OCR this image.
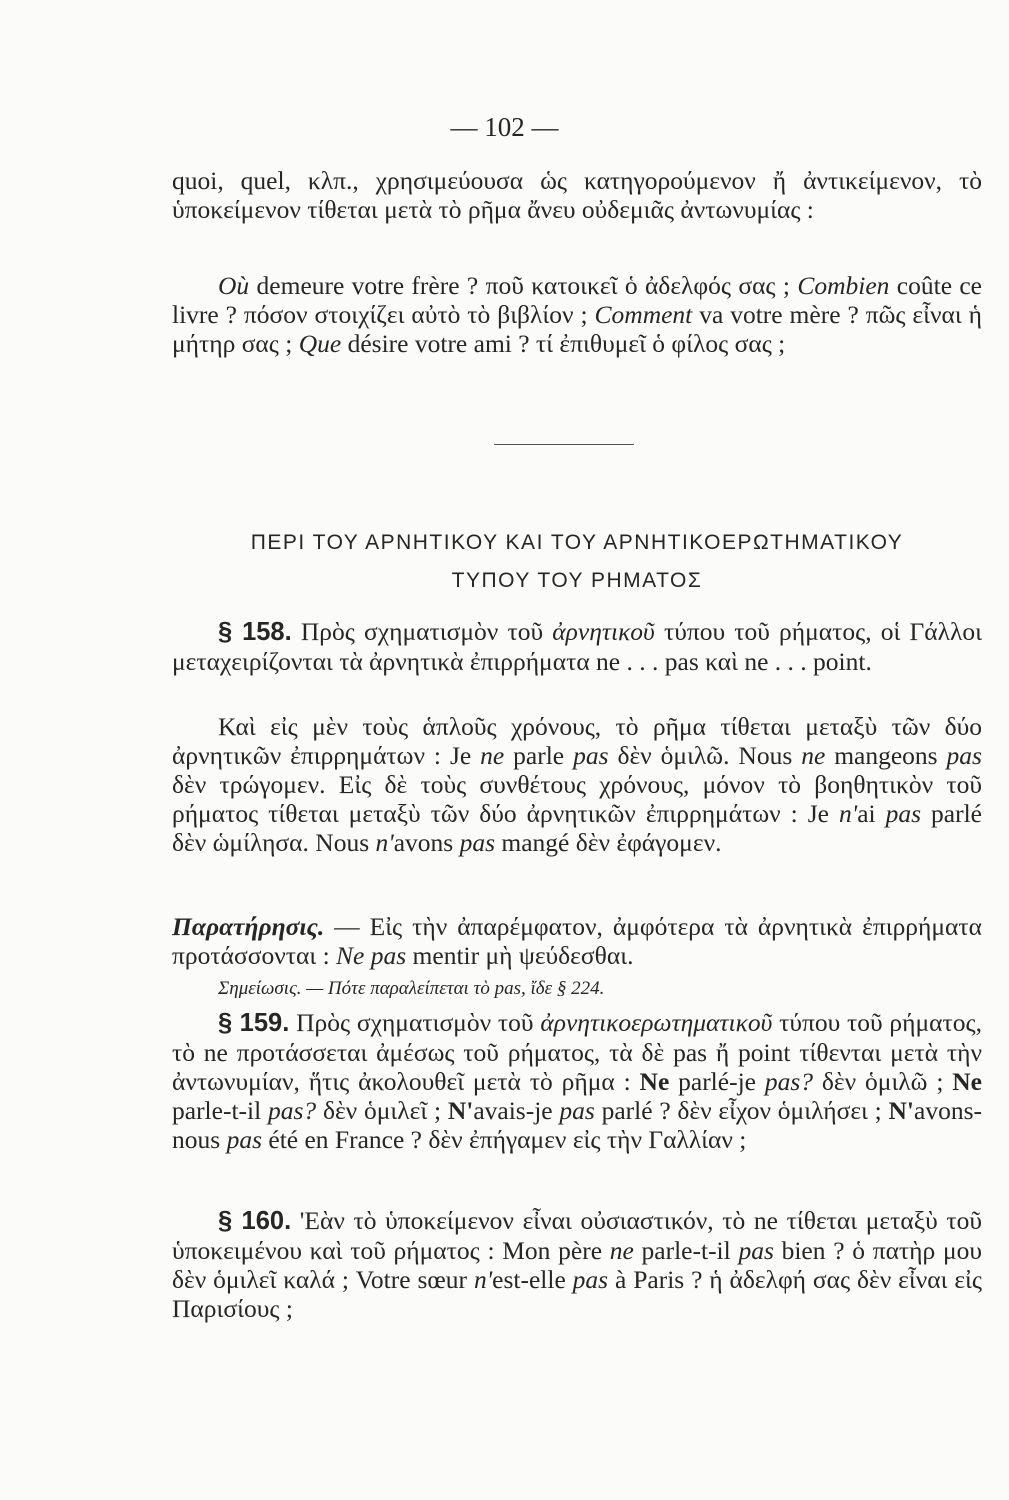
— 102 —

quoi, quel, κλπ., χρησιμεύουσα ὡς κατηγορούμενον ἤ ἀντικείμενον, τὸ ὑποκείμενον τίθεται μετὰ τὸ ρῆμα ἄνευ οὐδεμιᾶς ἀντωνυμίας :

Où demeure votre frère ? ποῦ κατοικεῖ ὁ ἀδελφός σας ; Combien coûte ce livre ? πόσον στοιχίζει αὐτὸ τὸ βιβλίον ; Comment va votre mère ? πῶς εἶναι ἡ μήτηρ σας ; Que désire votre ami ? τί ἐπιθυμεῖ ὁ φίλος σας ;

ΠΕΡΙ ΤΟΥ ΑΡΝΗΤΙΚΟΥ ΚΑΙ ΤΟΥ ΑΡΝΗΤΙΚΟΕΡΩΤΗΜΑΤΙΚΟΥ

ΤΥΠΟΥ ΤΟΥ ΡΗΜΑΤΟΣ

§ 158. Πρὸς σχηματισμὸν τοῦ ἀρνητικοῦ τύπου τοῦ ρήματος, οἱ Γάλλοι μεταχειρίζονται τὰ ἀρνητικὰ ἐπιρρήματα ne . . . pas καὶ ne . . . point.

Καὶ εἰς μὲν τοὺς ἁπλοῦς χρόνους, τὸ ρῆμα τίθεται μεταξὺ τῶν δύο ἀρνητικῶν ἐπιρρημάτων : Je ne parle pas δὲν ὁμιλῶ. Nous ne mangeons pas δὲν τρώγομεν. Εἰς δὲ τοὺς συνθέτους χρόνους, μόνον τὸ βοηθητικὸν τοῦ ρήματος τίθεται μεταξὺ τῶν δύο ἀρνητικῶν ἐπιρρημάτων : Je n'ai pas parlé δὲν ὡμίλησα. Nous n'avons pas mangé δὲν ἐφάγομεν.

Παρατήρησις. — Εἰς τὴν ἀπαρέμφατον, ἀμφότερα τὰ ἀρνητικὰ ἐπιρρήματα προτάσσονται : Ne pas mentir μὴ ψεύδεσθαι.

Σημείωσις. — Πότε παραλείπεται τὸ pas, ἴδε § 224.

§ 159. Πρὸς σχηματισμὸν τοῦ ἀρνητικοερωτηματικοῦ τύπου τοῦ ρήματος, τὸ ne προτάσσεται ἀμέσως τοῦ ρήματος, τὰ δὲ pas ἤ point τίθενται μετὰ τὴν ἀντωνυμίαν, ἥτις ἀκολουθεῖ μετὰ τὸ ρῆμα : Ne parlé-je pas? δὲν ὁμιλῶ ; Ne parle-t-il pas? δὲν ὁμιλεῖ ; N'avais-je pas parlé ? δὲν εἶχον ὁμιλήσει ; N'avons-nous pas été en France ? δὲν ἐπήγαμεν εἰς τὴν Γαλλίαν ;

§ 160. 'Εὰν τὸ ὑποκείμενον εἶναι οὐσιαστικόν, τὸ ne τίθεται μεταξὺ τοῦ ὑποκειμένου καὶ τοῦ ρήματος : Mon père ne parle-t-il pas bien ? ὁ πατὴρ μου δὲν ὁμιλεῖ καλά ; Votre sœur n'est-elle pas à Paris ? ἡ ἀδελφή σας δὲν εἶναι εἰς Παρισίους ;
